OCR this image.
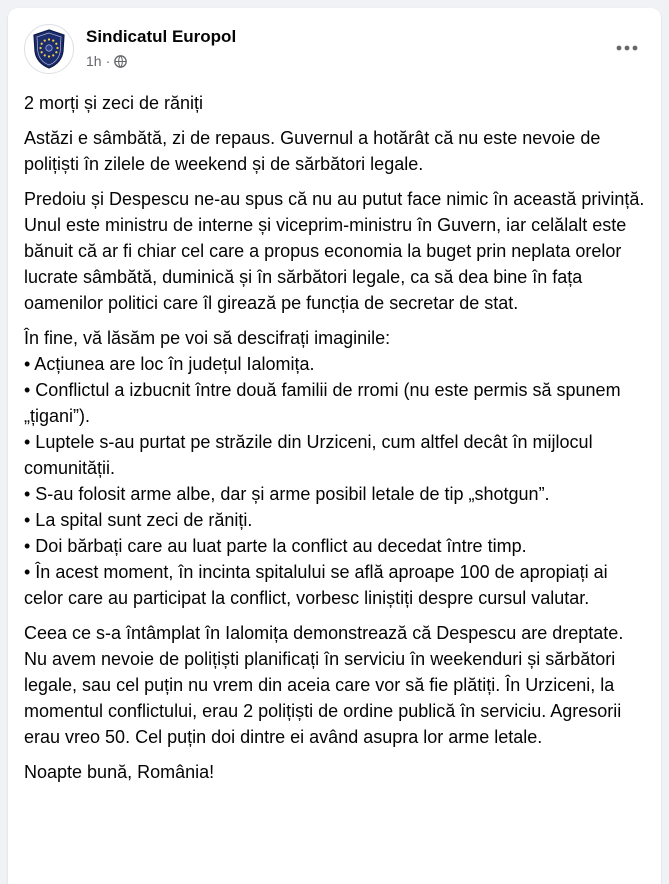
Sindicatul Europol
1h ·

2 morți și zeci de răniți

Astăzi e sâmbătă, zi de repaus. Guvernul a hotărât că nu este nevoie de polițiști în zilele de weekend și de sărbători legale.

Predoiu și Despescu ne-au spus că nu au putut face nimic în această privință. Unul este ministru de interne și viceprim-ministru în Guvern, iar celălalt este bănuit că ar fi chiar cel care a propus economia la buget prin neplata orelor lucrate sâmbătă, duminică și în sărbători legale, ca să dea bine în fața oamenilor politici care îl girează pe funcția de secretar de stat.

În fine, vă lăsăm pe voi să descifrați imaginile:
• Acțiunea are loc în județul Ialomița.
• Conflictul a izbucnit între două familii de rromi (nu este permis să spunem „țigani”).
• Luptele s-au purtat pe străzile din Urziceni, cum altfel decât în mijlocul comunității.
• S-au folosit arme albe, dar și arme posibil letale de tip „shotgun”.
• La spital sunt zeci de răniți.
• Doi bărbați care au luat parte la conflict au decedat între timp.
• În acest moment, în incinta spitalului se află aproape 100 de apropiați ai celor care au participat la conflict, vorbesc liniștiți despre cursul valutar.

Ceea ce s-a întâmplat în Ialomița demonstrează că Despescu are dreptate. Nu avem nevoie de polițiști planificați în serviciu în weekenduri și sărbători legale, sau cel puțin nu vrem din aceia care vor să fie plătiți. În Urziceni, la momentul conflictului, erau 2 polițiști de ordine publică în serviciu. Agresorii erau vreo 50. Cel puțin doi dintre ei având asupra lor arme letale.

Noapte bună, România!
